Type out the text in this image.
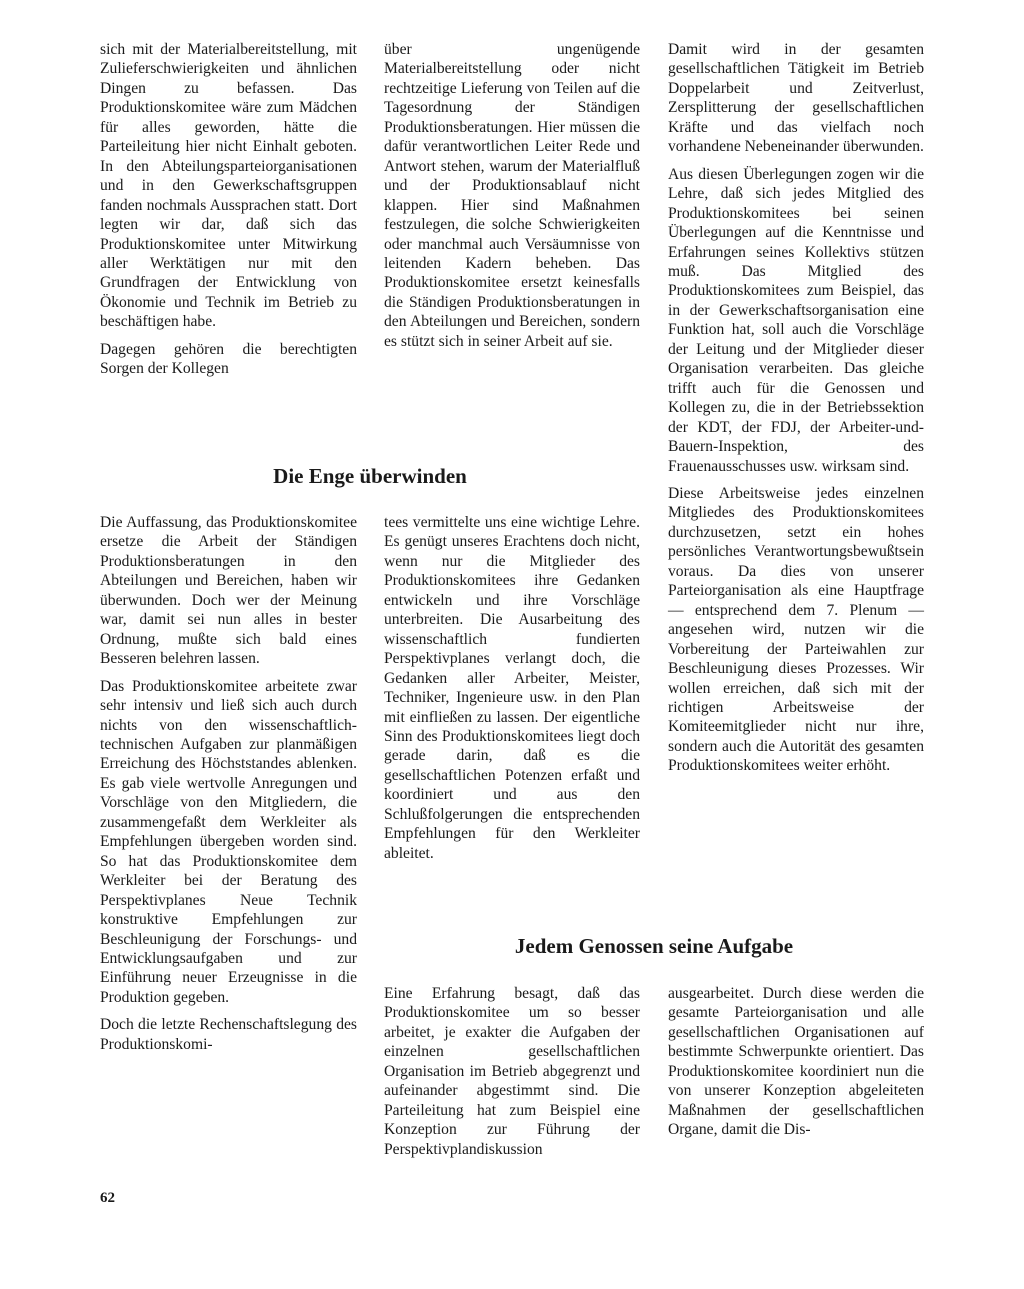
sich mit der Materialbereitstellung, mit Zulieferschwierigkeiten und ähnlichen Dingen zu befassen. Das Produktionskomitee wäre zum Mädchen für alles geworden, hätte die Parteileitung hier nicht Einhalt geboten. In den Abteilungsparteiorganisationen und in den Gewerkschaftsgruppen fanden nochmals Aussprachen statt. Dort legten wir dar, daß sich das Produktionskomitee unter Mitwirkung aller Werktätigen nur mit den Grundfragen der Entwicklung von Ökonomie und Technik im Betrieb zu beschäftigen habe.

Dagegen gehören die berechtigten Sorgen der Kollegen

über ungenügende Materialbereitstellung oder nicht rechtzeitige Lieferung von Teilen auf die Tagesordnung der Ständigen Produktionsberatungen. Hier müssen die dafür verantwortlichen Leiter Rede und Antwort stehen, warum der Materialfluß und der Produktionsablauf nicht klappen. Hier sind Maßnahmen festzulegen, die solche Schwierigkeiten oder manchmal auch Versäumnisse von leitenden Kadern beheben. Das Produktionskomitee ersetzt keinesfalls die Ständigen Produktionsberatungen in den Abteilungen und Bereichen, sondern es stützt sich in seiner Arbeit auf sie.

Damit wird in der gesamten gesellschaftlichen Tätigkeit im Betrieb Doppelarbeit und Zeitverlust, Zersplitterung der gesellschaftlichen Kräfte und das vielfach noch vorhandene Nebeneinander überwunden.

Aus diesen Überlegungen zogen wir die Lehre, daß sich jedes Mitglied des Produktionskomitees bei seinen Überlegungen auf die Kenntnisse und Erfahrungen seines Kollektivs stützen muß. Das Mitglied des Produktionskomitees zum Beispiel, das in der Gewerkschaftsorganisation eine Funktion hat, soll auch die Vorschläge der Leitung und der Mitglieder dieser Organisation verarbeiten. Das gleiche trifft auch für die Genossen und Kollegen zu, die in der Betriebssektion der KDT, der FDJ, der Arbeiter-und-Bauern-Inspektion, des Frauenausschusses usw. wirksam sind.

Diese Arbeitsweise jedes einzelnen Mitgliedes des Produktionskomitees durchzusetzen, setzt ein hohes persönliches Verantwortungsbewußtsein voraus. Da dies von unserer Parteiorganisation als eine Hauptfrage — entsprechend dem 7. Plenum — angesehen wird, nutzen wir die Vorbereitung der Parteiwahlen zur Beschleunigung dieses Prozesses. Wir wollen erreichen, daß sich mit der richtigen Arbeitsweise der Komiteemitglieder nicht nur ihre, sondern auch die Autorität des gesamten Produktionskomitees weiter erhöht.

Die Enge überwinden

Die Auffassung, das Produktionskomitee ersetze die Arbeit der Ständigen Produktionsberatungen in den Abteilungen und Bereichen, haben wir überwunden. Doch wer der Meinung war, damit sei nun alles in bester Ordnung, mußte sich bald eines Besseren belehren lassen.

Das Produktionskomitee arbeitete zwar sehr intensiv und ließ sich auch durch nichts von den wissenschaftlich-technischen Aufgaben zur planmäßigen Erreichung des Höchststandes ablenken. Es gab viele wertvolle Anregungen und Vorschläge von den Mitgliedern, die zusammengefaßt dem Werkleiter als Empfehlungen übergeben worden sind. So hat das Produktionskomitee dem Werkleiter bei der Beratung des Perspektivplanes Neue Technik konstruktive Empfehlungen zur Beschleunigung der Forschungs- und Entwicklungsaufgaben und zur Einführung neuer Erzeugnisse in die Produktion gegeben.

Doch die letzte Rechenschaftslegung des Produktionskomi-

tees vermittelte uns eine wichtige Lehre. Es genügt unseres Erachtens doch nicht, wenn nur die Mitglieder des Produktionskomitees ihre Gedanken entwickeln und ihre Vorschläge unterbreiten. Die Ausarbeitung des wissenschaftlich fundierten Perspektivplanes verlangt doch, die Gedanken aller Arbeiter, Meister, Techniker, Ingenieure usw. in den Plan mit einfließen zu lassen. Der eigentliche Sinn des Produktionskomitees liegt doch gerade darin, daß es die gesellschaftlichen Potenzen erfaßt und koordiniert und aus den Schlußfolgerungen die entsprechenden Empfehlungen für den Werkleiter ableitet.

Jedem Genossen seine Aufgabe

Eine Erfahrung besagt, daß das Produktionskomitee um so besser arbeitet, je exakter die Aufgaben der einzelnen gesellschaftlichen Organisation im Betrieb abgegrenzt und aufeinander abgestimmt sind. Die Parteileitung hat zum Beispiel eine Konzeption zur Führung der Perspektivplandiskussion

ausgearbeitet. Durch diese werden die gesamte Parteiorganisation und alle gesellschaftlichen Organisationen auf bestimmte Schwerpunkte orientiert. Das Produktionskomitee koordiniert nun die von unserer Konzeption abgeleiteten Maßnahmen der gesellschaftlichen Organe, damit die Dis-

62
